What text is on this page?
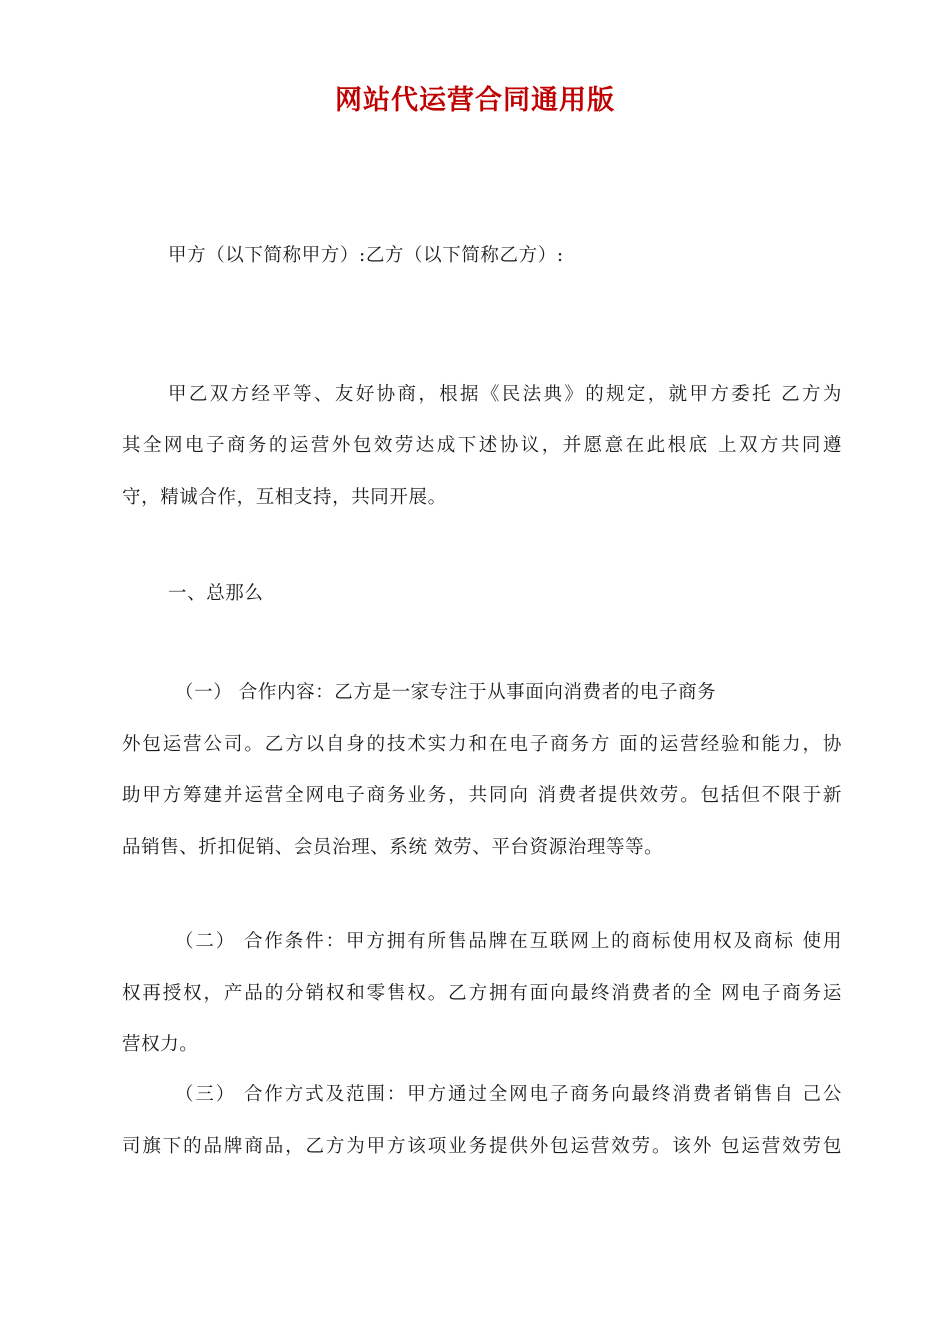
网站代运营合同通用版
甲方（以下简称甲方）:乙方（以下简称乙方）:
甲乙双方经平等、友好协商，根据《民法典》的规定，就甲方委托 乙方为
其全网电子商务的运营外包效劳达成下述协议，并愿意在此根底 上双方共同遵
守，精诚合作，互相支持，共同开展。
一、总那么
（一） 合作内容：乙方是一家专注于从事面向消费者的电子商务
外包运营公司。乙方以自身的技术实力和在电子商务方 面的运营经验和能力，协
助甲方筹建并运营全网电子商务业务，共同向 消费者提供效劳。包括但不限于新
品销售、折扣促销、会员治理、系统 效劳、平台资源治理等等。
（二） 合作条件：甲方拥有所售品牌在互联网上的商标使用权及商标 使用
权再授权，产品的分销权和零售权。乙方拥有面向最终消费者的全 网电子商务运
营权力。
（三） 合作方式及范围：甲方通过全网电子商务向最终消费者销售自 己公
司旗下的品牌商品，乙方为甲方该项业务提供外包运营效劳。该外 包运营效劳包
